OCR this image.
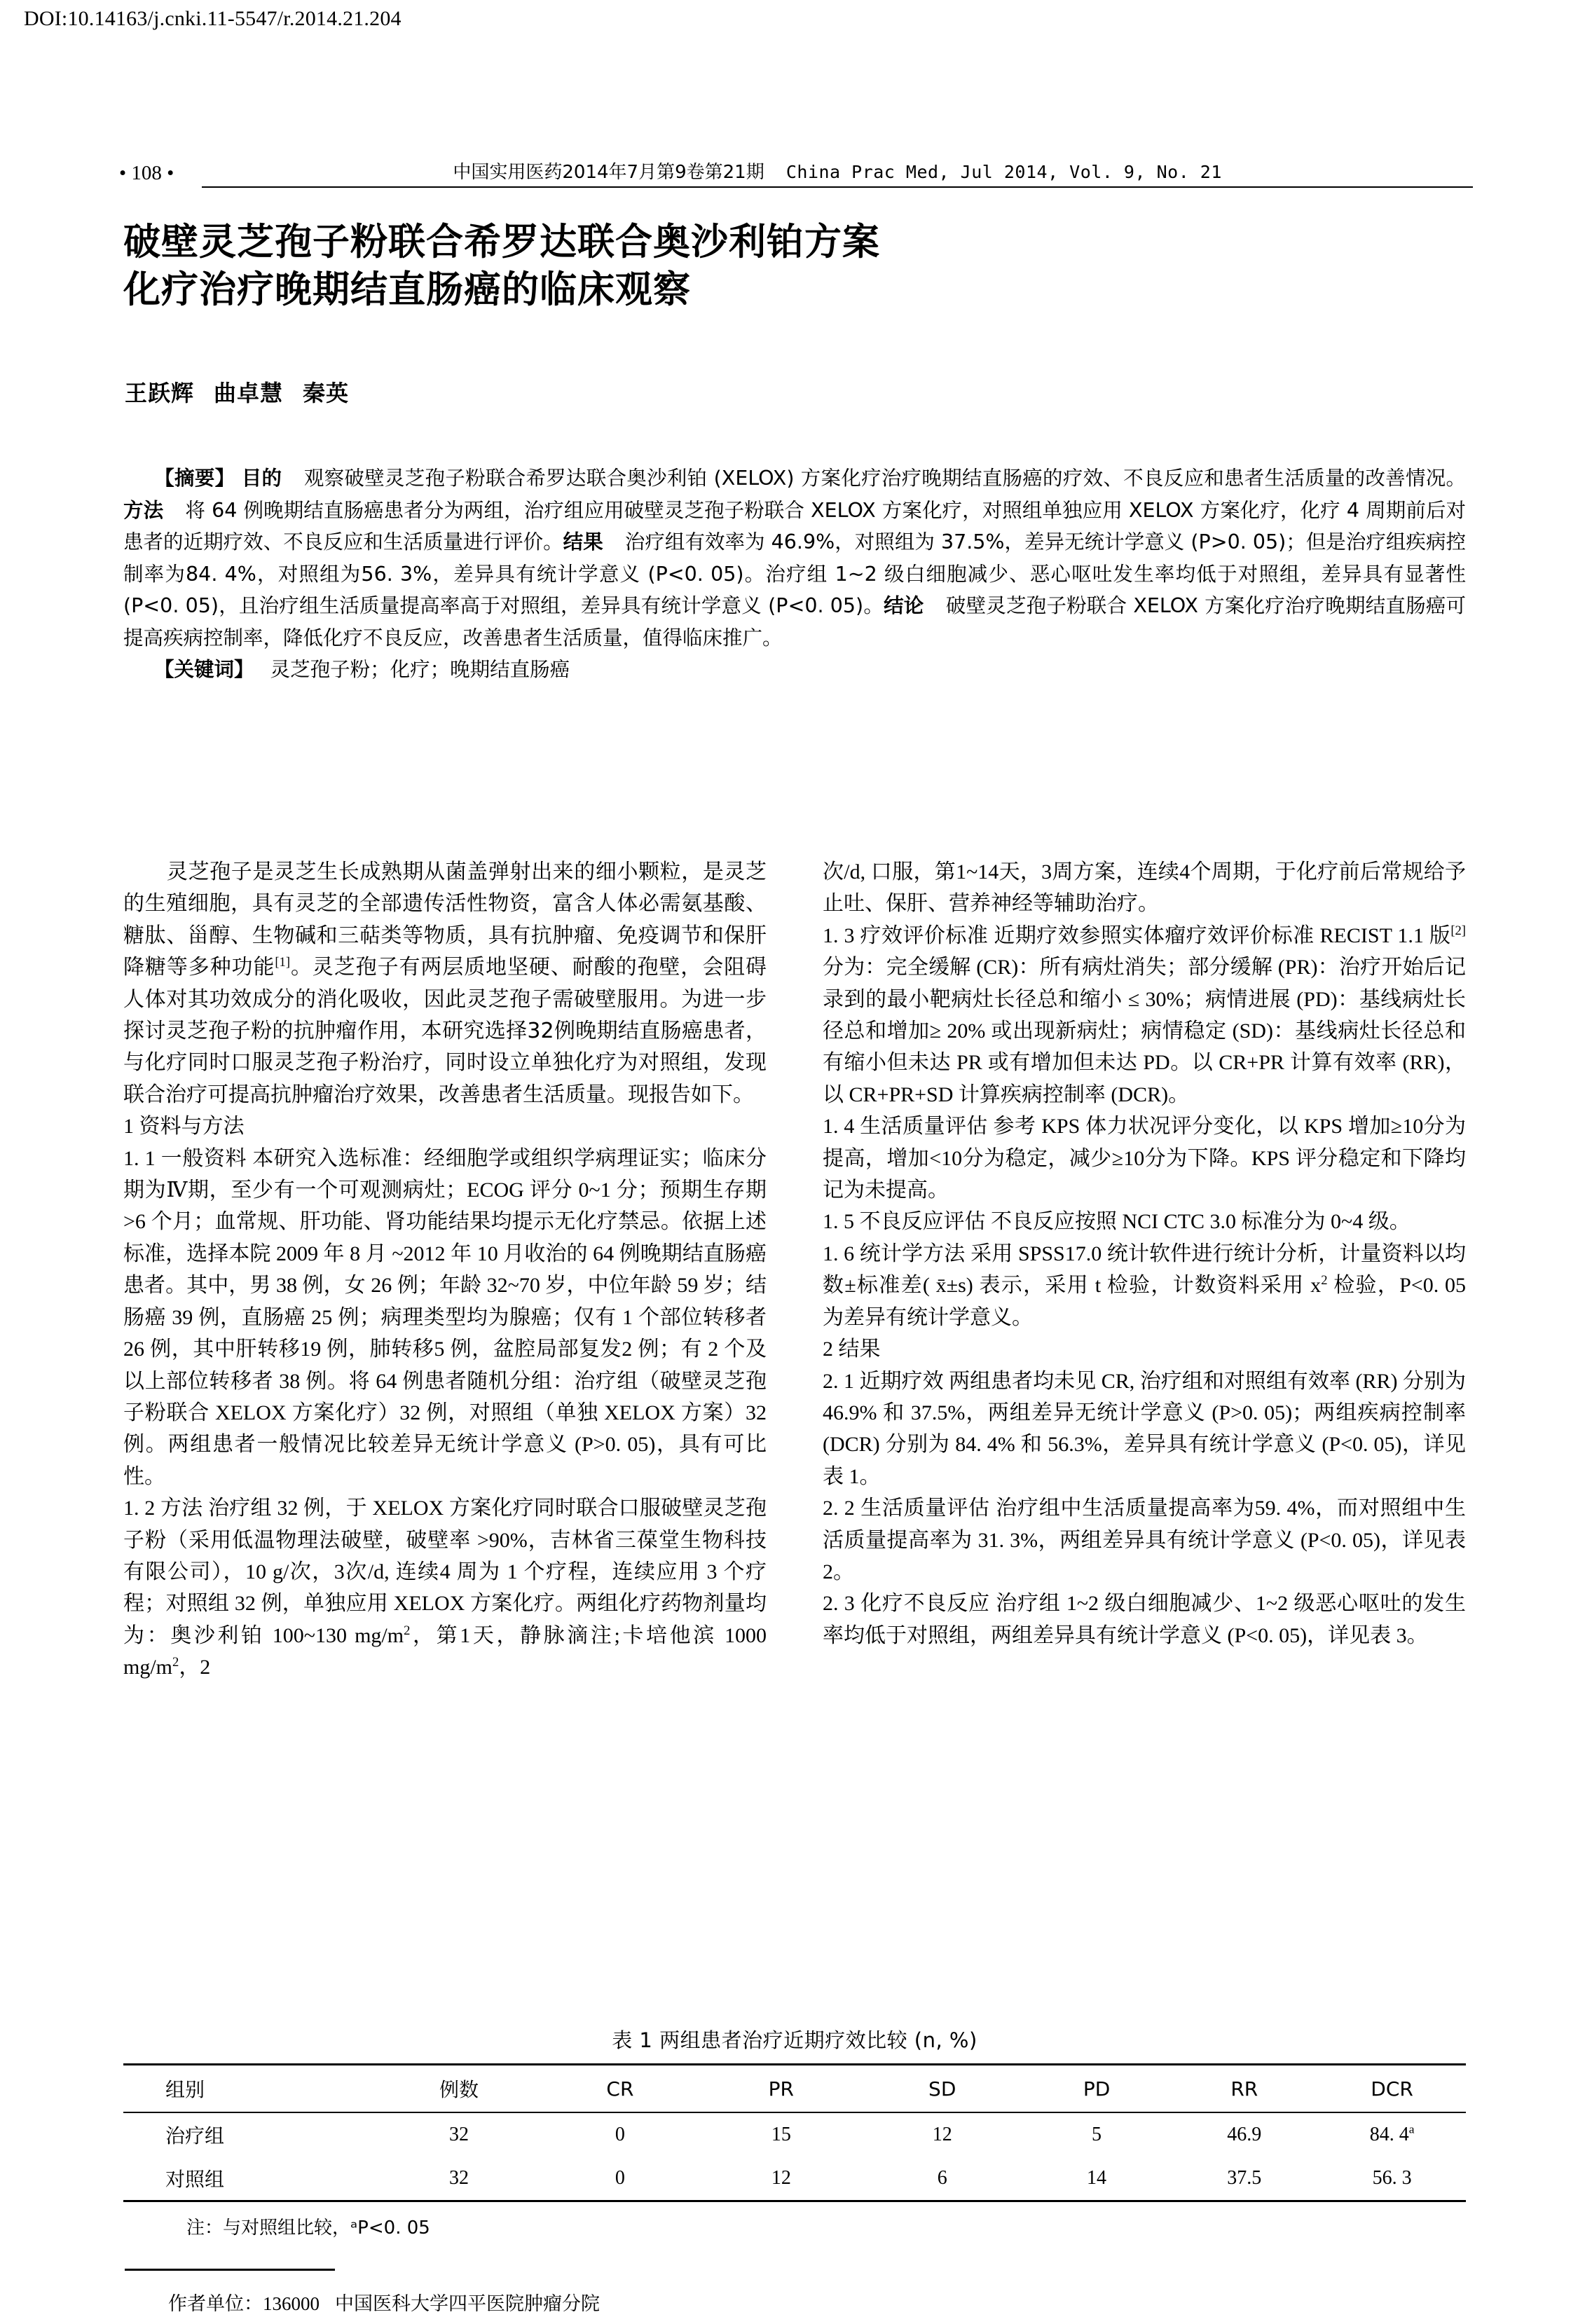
DOI:10.14163/j.cnki.11-5547/r.2014.21.204
• 108 •	中国实用医药2014年7月第9卷第21期 China Prac Med, Jul 2014, Vol. 9, No. 21
破壁灵芝孢子粉联合希罗达联合奥沙利铂方案
化疗治疗晚期结直肠癌的临床观察
王跃辉 曲卓慧 秦英

【摘要】 目的 观察破壁灵芝孢子粉联合希罗达联合奥沙利铂 (XELOX) 方案化疗治疗晚期结直肠癌的疗效、不良反应和患者生活质量的改善情况。方法 将 64 例晚期结直肠癌患者分为两组，治疗组应用破壁灵芝孢子粉联合 XELOX 方案化疗，对照组单独应用 XELOX 方案化疗，化疗 4 周期前后对患者的近期疗效、不良反应和生活质量进行评价。结果 治疗组有效率为 46.9%，对照组为 37.5%，差异无统计学意义 (P>0. 05)；但是治疗组疾病控制率为84. 4%，对照组为56. 3%，差异具有统计学意义 (P<0. 05)。治疗组 1~2 级白细胞减少、恶心呕吐发生率均低于对照组，差异具有显著性 (P<0. 05)，且治疗组生活质量提高率高于对照组，差异具有统计学意义 (P<0. 05)。结论 破壁灵芝孢子粉联合 XELOX 方案化疗治疗晚期结直肠癌可提高疾病控制率，降低化疗不良反应，改善患者生活质量，值得临床推广。

【关键词】 灵芝孢子粉；化疗；晚期结直肠癌

灵芝孢子是灵芝生长成熟期从菌盖弹射出来的细小颗粒，是灵芝的生殖细胞，具有灵芝的全部遗传活性物资，富含人体必需氨基酸、糖肽、甾醇、生物碱和三萜类等物质，具有抗肿瘤、免疫调节和保肝降糖等多种功能[1]。灵芝孢子有两层质地坚硬、耐酸的孢壁，会阻碍人体对其功效成分的消化吸收，因此灵芝孢子需破壁服用。为进一步探讨灵芝孢子粉的抗肿瘤作用，本研究选择32例晚期结直肠癌患者，与化疗同时口服灵芝孢子粉治疗，同时设立单独化疗为对照组，发现联合治疗可提高抗肿瘤治疗效果，改善患者生活质量。现报告如下。

1 资料与方法

1. 1 一般资料 本研究入选标准：经细胞学或组织学病理证实；临床分期为Ⅳ期，至少有一个可观测病灶；ECOG 评分 0~1 分；预期生存期 >6 个月；血常规、肝功能、肾功能结果均提示无化疗禁忌。依据上述标准，选择本院 2009 年 8 月 ~2012 年 10 月收治的 64 例晚期结直肠癌患者。其中，男 38 例，女 26 例；年龄 32~70 岁，中位年龄 59 岁；结肠癌 39 例，直肠癌 25 例；病理类型均为腺癌；仅有 1 个部位转移者26 例，其中肝转移19 例，肺转移5 例，盆腔局部复发2 例；有 2 个及以上部位转移者 38 例。将 64 例患者随机分组：治疗组（破壁灵芝孢子粉联合 XELOX 方案化疗）32 例，对照组（单独 XELOX 方案）32 例。两组患者一般情况比较差异无统计学意义 (P>0. 05)，具有可比性。

1. 2 方法 治疗组 32 例，于 XELOX 方案化疗同时联合口服破壁灵芝孢子粉（采用低温物理法破壁，破壁率 >90%，吉林省三葆堂生物科技有限公司），10 g/次，3次/d, 连续4 周为 1 个疗程，连续应用 3 个疗程；对照组 32 例，单独应用 XELOX 方案化疗。两组化疗药物剂量均为：奥沙利铂 100~130 $mg/m^2$，第1天，静脉滴注;卡培他滨 1000 $mg/m^2$，2

次/d, 口服，第1~14天，3周方案，连续4个周期，于化疗前后常规给予止吐、保肝、营养神经等辅助治疗。

1. 3 疗效评价标准 近期疗效参照实体瘤疗效评价标准 RECIST 1.1 版[2]分为：完全缓解 (CR)：所有病灶消失；部分缓解 (PR)：治疗开始后记录到的最小靶病灶长径总和缩小 ≤ 30%；病情进展 (PD)：基线病灶长径总和增加≥ 20% 或出现新病灶；病情稳定 (SD)：基线病灶长径总和有缩小但未达 PR 或有增加但未达 PD。以 CR+PR 计算有效率 (RR)，以 CR+PR+SD 计算疾病控制率 (DCR)。

1. 4 生活质量评估 参考 KPS 体力状况评分变化，以 KPS 增加≥10分为提高，增加<10分为稳定，减少≥10分为下降。KPS 评分稳定和下降均记为未提高。

1. 5 不良反应评估 不良反应按照 NCI CTC 3.0 标准分为 0~4 级。

1. 6 统计学方法 采用 SPSS17.0 统计软件进行统计分析，计量资料以均数±标准差( x̄±s) 表示，采用 t 检验，计数资料采用 $x^2$ 检验，P<0. 05 为差异有统计学意义。

2 结果

2. 1 近期疗效 两组患者均未见 CR, 治疗组和对照组有效率 (RR) 分别为 46.9% 和 37.5%，两组差异无统计学意义 (P>0. 05)；两组疾病控制率 (DCR) 分别为 84. 4% 和 56.3%，差异具有统计学意义 (P<0. 05)，详见表 1。

2. 2 生活质量评估 治疗组中生活质量提高率为59. 4%，而对照组中生活质量提高率为 31. 3%，两组差异具有统计学意义 (P<0. 05)，详见表 2。

2. 3 化疗不良反应 治疗组 1~2 级白细胞减少、1~2 级恶心呕吐的发生率均低于对照组，两组差异具有统计学意义 (P<0. 05)，详见表 3。

表 1 两组患者治疗近期疗效比较 (n, %)
组别	例数	CR	PR	SD	PD	RR	DCR
治疗组	32	0	15	12	5	46.9	84. 4$^a$
对照组	32	0	12	6	14	37.5	56. 3
注：与对照组比较，ᵃP<0. 05
作者单位：136000 中国医科大学四平医院肿瘤分院
